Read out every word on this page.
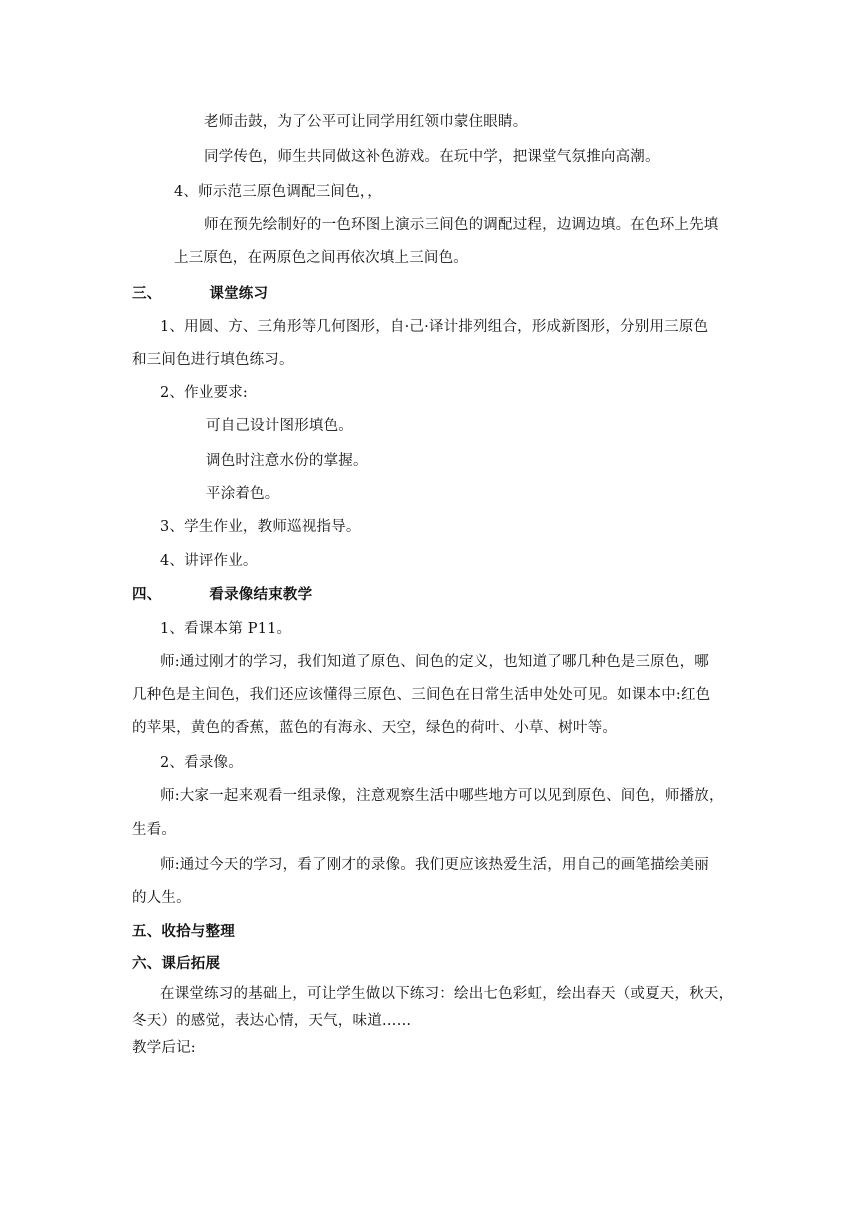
老师击鼓，为了公平可让同学用红领巾蒙住眼睛。
同学传色，师生共同做这补色游戏。在玩中学，把课堂气氛推向高潮。
4、师示范三原色调配三间色，，
师在预先绘制好的一色环图上演示三间色的调配过程，边调边填。在色环上先填
上三原色，在两原色之间再依次填上三间色。
三、	课堂练习
1、用圆、方、三角形等几何图形，自·己·译计排列组合，形成新图形，分别用三原色
和三间色进行填色练习。
2、作业要求:
可自己设计图形填色。
调色时注意水份的掌握。
平涂着色。
3、学生作业，教师巡视指导。
4、讲评作业。
四、	看录像结束教学
1、看课本第 P11。
师:通过刚才的学习，我们知道了原色、间色的定义，也知道了哪几种色是三原色，哪
几种色是主间色，我们还应该懂得三原色、三间色在日常生活申处处可见。如课本中:红色
的苹果，黄色的香蕉，蓝色的有海永、天空，绿色的荷叶、小草、树叶等。
2、看录像。
师:大家一起来观看一组录像，注意观察生活中哪些地方可以见到原色、间色，师播放，
生看。
师:通过今天的学习，看了刚才的录像。我们更应该热爱生活，用自己的画笔描绘美丽
的人生。
五、收拾与整理
六、课后拓展
在课堂练习的基础上，可让学生做以下练习：绘出七色彩虹，绘出春天（或夏天，秋天，
冬天）的感觉，表达心情，天气，味道……
教学后记:
